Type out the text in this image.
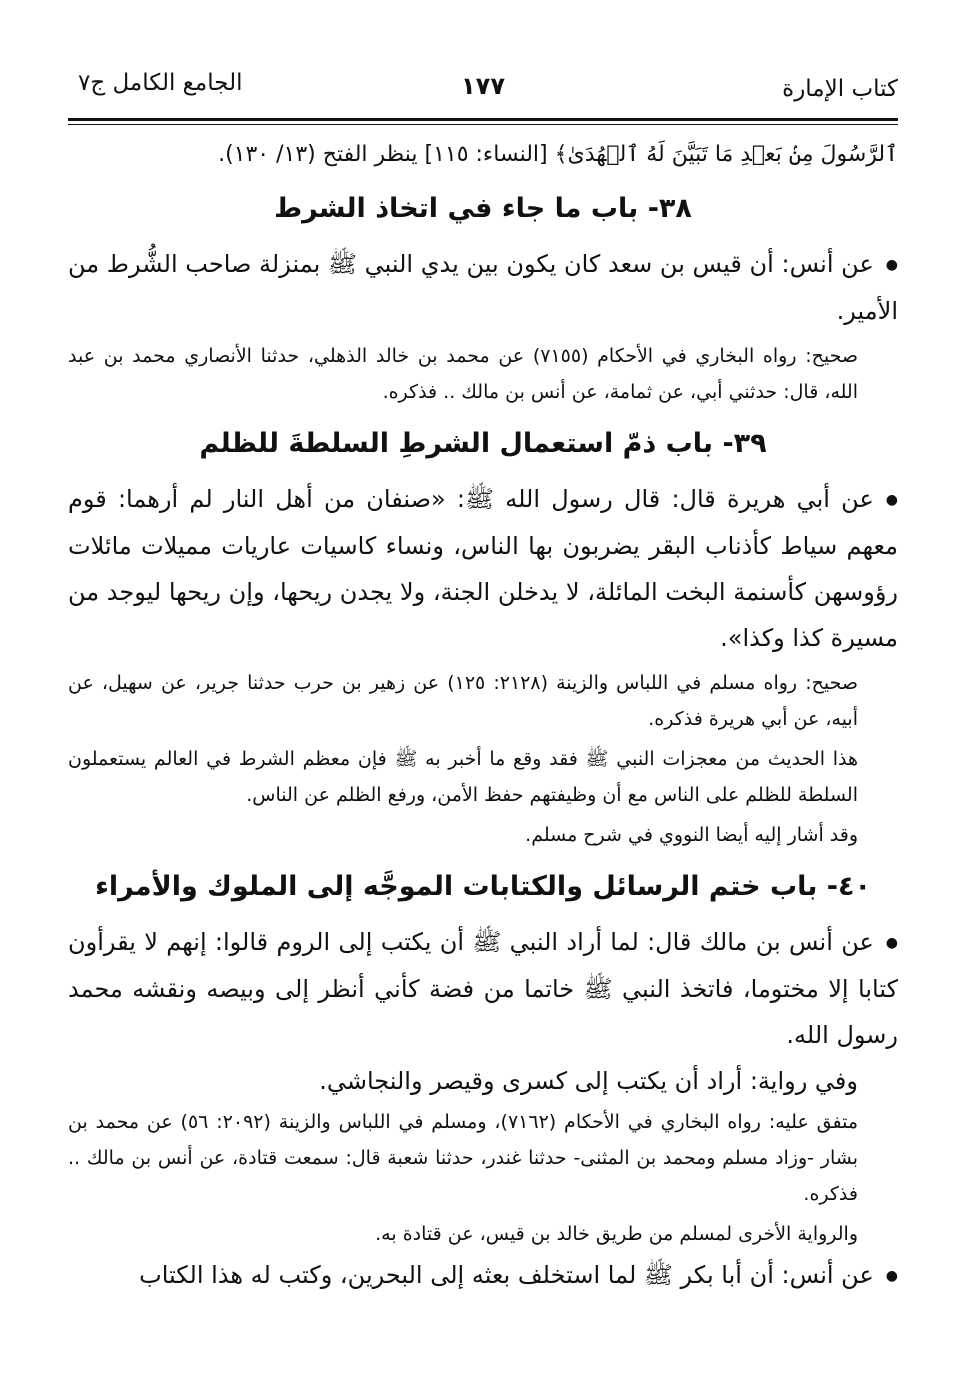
كتاب الإمارة
١٧٧
الجامع الكامل ج٧

ٱلرَّسُولَ مِنۢ بَعۡدِ مَا تَبَيَّنَ لَهُ ٱلۡهُدَىٰ﴾ [النساء: ١١٥] ينظر الفتح (١٣/ ١٣٠).

٣٨- باب ما جاء في اتخاذ الشرط

● عن أنس: أن قيس بن سعد كان يكون بين يدي النبي ﷺ بمنزلة صاحب الشُّرط من الأمير.

صحيح: رواه البخاري في الأحكام (٧١٥٥) عن محمد بن خالد الذهلي، حدثنا الأنصاري محمد بن عبد الله، قال: حدثني أبي، عن ثمامة، عن أنس بن مالك .. فذكره.

٣٩- باب ذمّ استعمال الشرطِ السلطةَ للظلم

● عن أبي هريرة قال: قال رسول الله ﷺ: «صنفان من أهل النار لم أرهما: قوم معهم سياط كأذناب البقر يضربون بها الناس، ونساء كاسيات عاريات مميلات مائلات رؤوسهن كأسنمة البخت المائلة، لا يدخلن الجنة، ولا يجدن ريحها، وإن ريحها ليوجد من مسيرة كذا وكذا».

صحيح: رواه مسلم في اللباس والزينة (٢١٢٨: ١٢٥) عن زهير بن حرب حدثنا جرير، عن سهيل، عن أبيه، عن أبي هريرة فذكره.

هذا الحديث من معجزات النبي ﷺ فقد وقع ما أخبر به ﷺ فإن معظم الشرط في العالم يستعملون السلطة للظلم على الناس مع أن وظيفتهم حفظ الأمن، ورفع الظلم عن الناس.

وقد أشار إليه أيضا النووي في شرح مسلم.

٤٠- باب ختم الرسائل والكتابات الموجَّه إلى الملوك والأمراء

● عن أنس بن مالك قال: لما أراد النبي ﷺ أن يكتب إلى الروم قالوا: إنهم لا يقرأون كتابا إلا مختوما، فاتخذ النبي ﷺ خاتما من فضة كأني أنظر إلى وبيصه ونقشه محمد رسول الله.

وفي رواية: أراد أن يكتب إلى كسرى وقيصر والنجاشي.

متفق عليه: رواه البخاري في الأحكام (٧١٦٢)، ومسلم في اللباس والزينة (٢٠٩٢: ٥٦) عن محمد بن بشار -وزاد مسلم ومحمد بن المثنى- حدثنا غندر، حدثنا شعبة قال: سمعت قتادة، عن أنس بن مالك .. فذكره.

والرواية الأخرى لمسلم من طريق خالد بن قيس، عن قتادة به.

● عن أنس: أن أبا بكر ﷺ لما استخلف بعثه إلى البحرين، وكتب له هذا الكتاب
